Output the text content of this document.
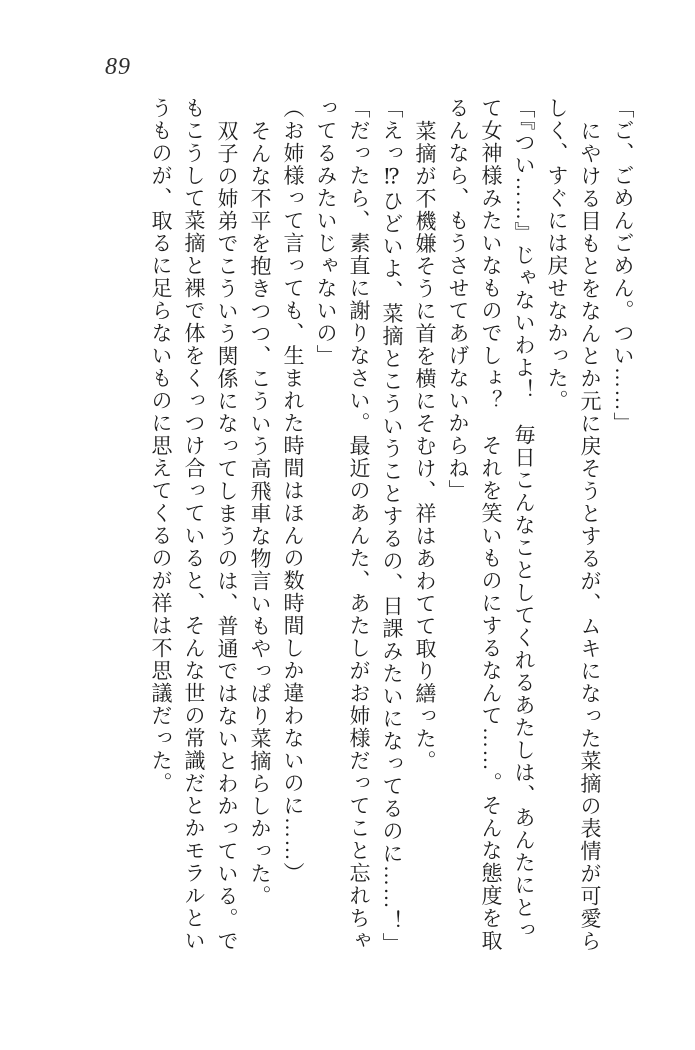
89

「ご、ごめんごめん。つい……」

にやける目もとをなんとか元に戻そうとするが、ムキになった菜摘の表情が可愛らしく、すぐには戻せなかった。

「『つい……』じゃないわよ！　毎日こんなことしてくれるあたしは、あんたにとって女神様みたいなものでしょ？　それを笑いものにするなんて……。そんな態度を取るんなら、もうさせてあげないからね」

菜摘が不機嫌そうに首を横にそむけ、祥はあわてて取り繕った。

「えっ⁉ひどいよ、菜摘とこういうことするの、日課みたいになってるのに……！」

「だったら、素直に謝りなさい。最近のあんた、あたしがお姉様だってこと忘れちゃってるみたいじゃないの」

（お姉様って言っても、生まれた時間はほんの数時間しか違わないのに……）

そんな不平を抱きつつ、こういう高飛車な物言いもやっぱり菜摘らしかった。

双子の姉弟でこういう関係になってしまうのは、普通ではないとわかっている。でもこうして菜摘と裸で体をくっつけ合っていると、そんな世の常識だとかモラルというものが、取るに足らないものに思えてくるのが祥は不思議だった。
